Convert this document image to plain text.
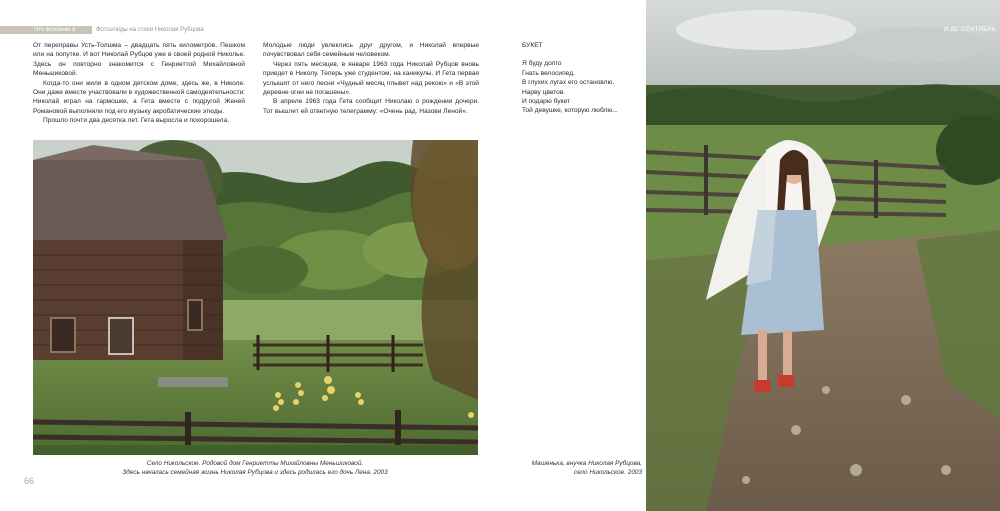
Что вспомню я	Фотоэтюды на стихи Николая Рубцова

От переправы Усть-Толшма – двадцать пять километров. Пешком или на попутке. И вот Николай Рубцов уже в своей родной Николье. Здесь он повторно знакомится с Генриеттой Михайловной Меньшиковой.

Когда-то они жили в одном детском доме, здесь же, в Николе. Они даже вместе участвовали в художественной самодеятельности: Николай играл на гармошке, а Гета вместе с подругой Женей Романовой выполняли под его музыку акробатические этюды.

Прошло почти два десятка лет. Гета выросла и похорошела.

Молодые люди увлеклись друг другом, и Николай впервые почувствовал себя семейным человеком.

Через пять месяцев, в январе 1963 года Николай Рубцов вновь приедет в Николу. Теперь уже студентом, на каникулы. И Гета первая услышит от него песни «Чудный месяц плывет над рекою» и «В этой деревне огни не погашены».

В апреле 1963 года Гета сообщит Николаю о рождении дочери. Тот вышлет ей ответную телеграмму: «Очень рад. Назови Леной».

БУКЕТ
Я буду долго
Гнать велосипед.
В глухих лугах его остановлю.
Нарву цветов.
И подарю букет
Той девушке, которую люблю...
Село Никольское. Родовой дом Генриетты Михайловны Меньшиковой.
Здесь началась семейная жизнь Николая Рубцова и здесь родилась его дочь Лена. 2003
Машенька, внучка Николая Рубцова,
село Никольское. 2003
66
И ДЕ СЕНТЯБРЬ
